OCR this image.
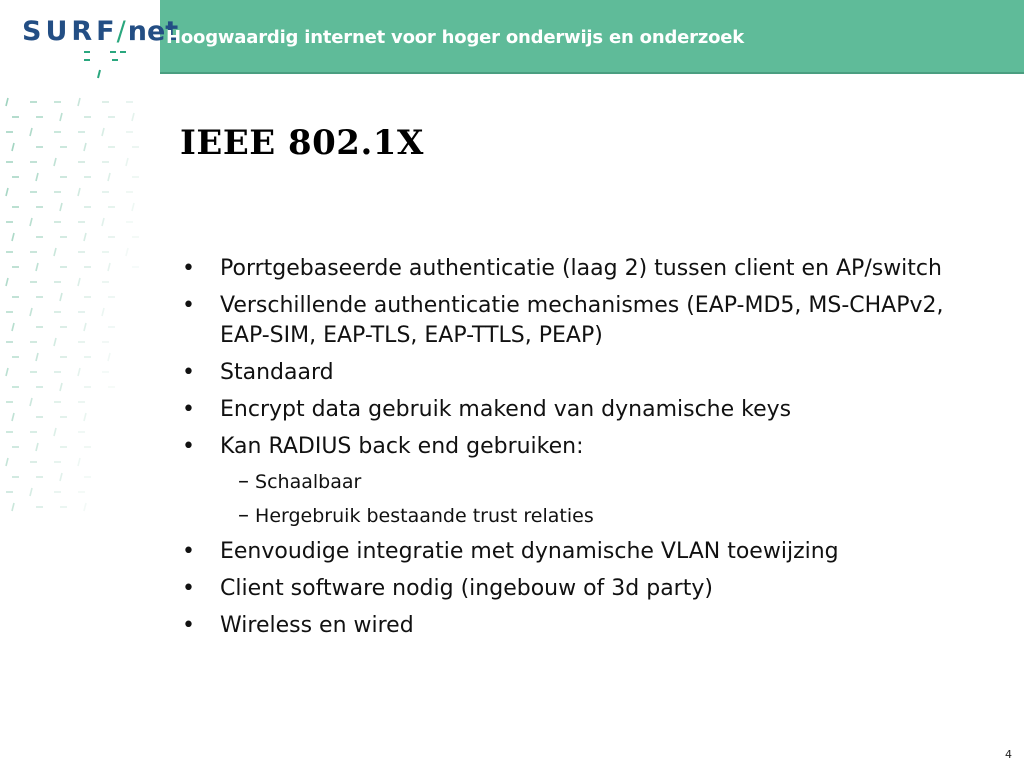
SURF/net
Hoogwaardig internet voor hoger onderwijs en onderzoek
IEEE 802.1X
• Porrtgebaseerde authenticatie (laag 2) tussen client en AP/switch
• Verschillende authenticatie mechanismes (EAP-MD5, MS-CHAPv2, EAP-SIM, EAP-TLS, EAP-TTLS, PEAP)
• Standaard
• Encrypt data gebruik makend van dynamische keys
• Kan RADIUS back end gebruiken:
– Schaalbaar
– Hergebruik bestaande trust relaties
• Eenvoudige integratie met dynamische VLAN toewijzing
• Client software nodig (ingebouw of 3d party)
• Wireless en wired
4
